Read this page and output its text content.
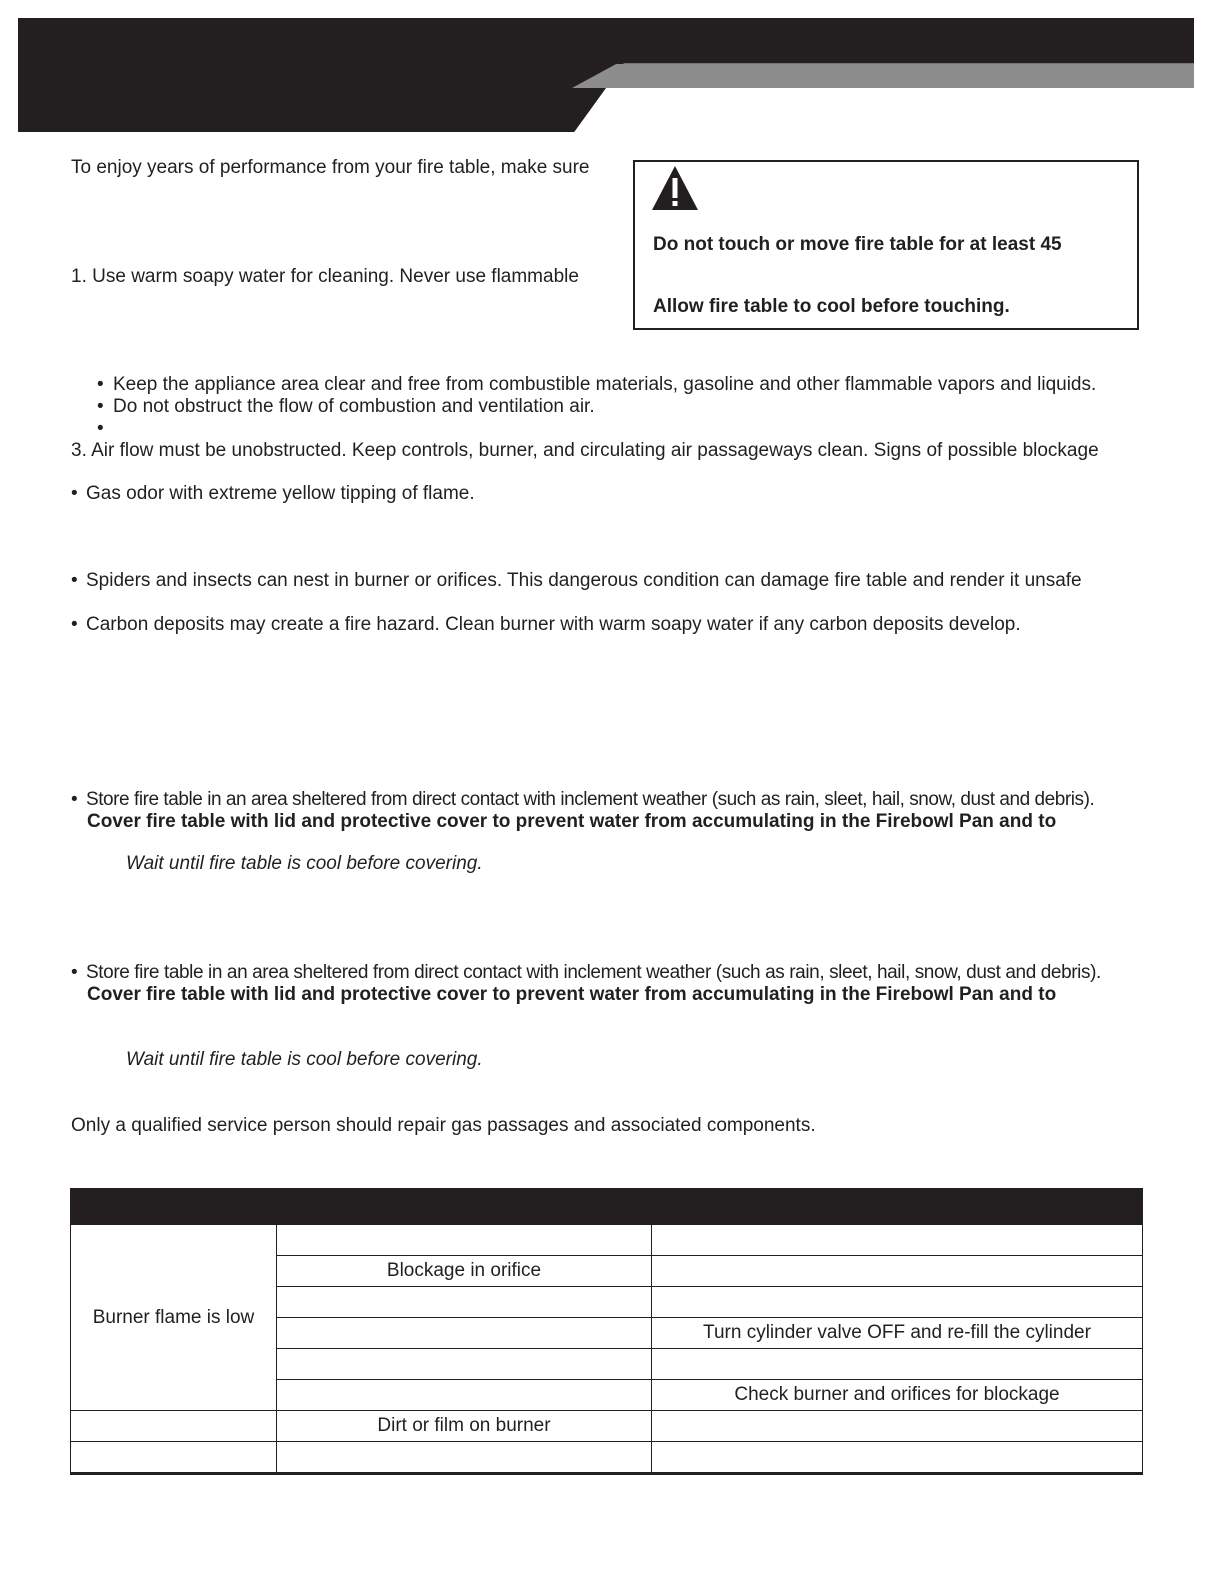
To enjoy years of performance from your fire table, make sure
1. Use warm soapy water for cleaning. Never use flammable
Do not touch or move fire table for at least 45
Allow fire table to cool before touching.
• Keep the appliance area clear and free from combustible materials, gasoline and other flammable vapors and liquids.
• Do not obstruct the flow of combustion and ventilation air.
•
3. Air flow must be unobstructed. Keep controls, burner, and circulating air passageways clean. Signs of possible blockage
• Gas odor with extreme yellow tipping of flame.
• Spiders and insects can nest in burner or orifices. This dangerous condition can damage fire table and render it unsafe
• Carbon deposits may create a fire hazard. Clean burner with warm soapy water if any carbon deposits develop.
• Store fire table in an area sheltered from direct contact with inclement weather (such as rain, sleet, hail, snow, dust and debris).
Cover fire table with lid and protective cover to prevent water from accumulating in the Firebowl Pan and to
Wait until fire table is cool before covering.
• Store fire table in an area sheltered from direct contact with inclement weather (such as rain, sleet, hail, snow, dust and debris).
Cover fire table with lid and protective cover to prevent water from accumulating in the Firebowl Pan and to
Wait until fire table is cool before covering.
Only a qualified service person should repair gas passages and associated components.

Burner flame is low		
	Blockage in orifice	

		Turn cylinder valve OFF and re-fill the cylinder

		Check burner and orifices for blockage
	Dirt or film on burner	
